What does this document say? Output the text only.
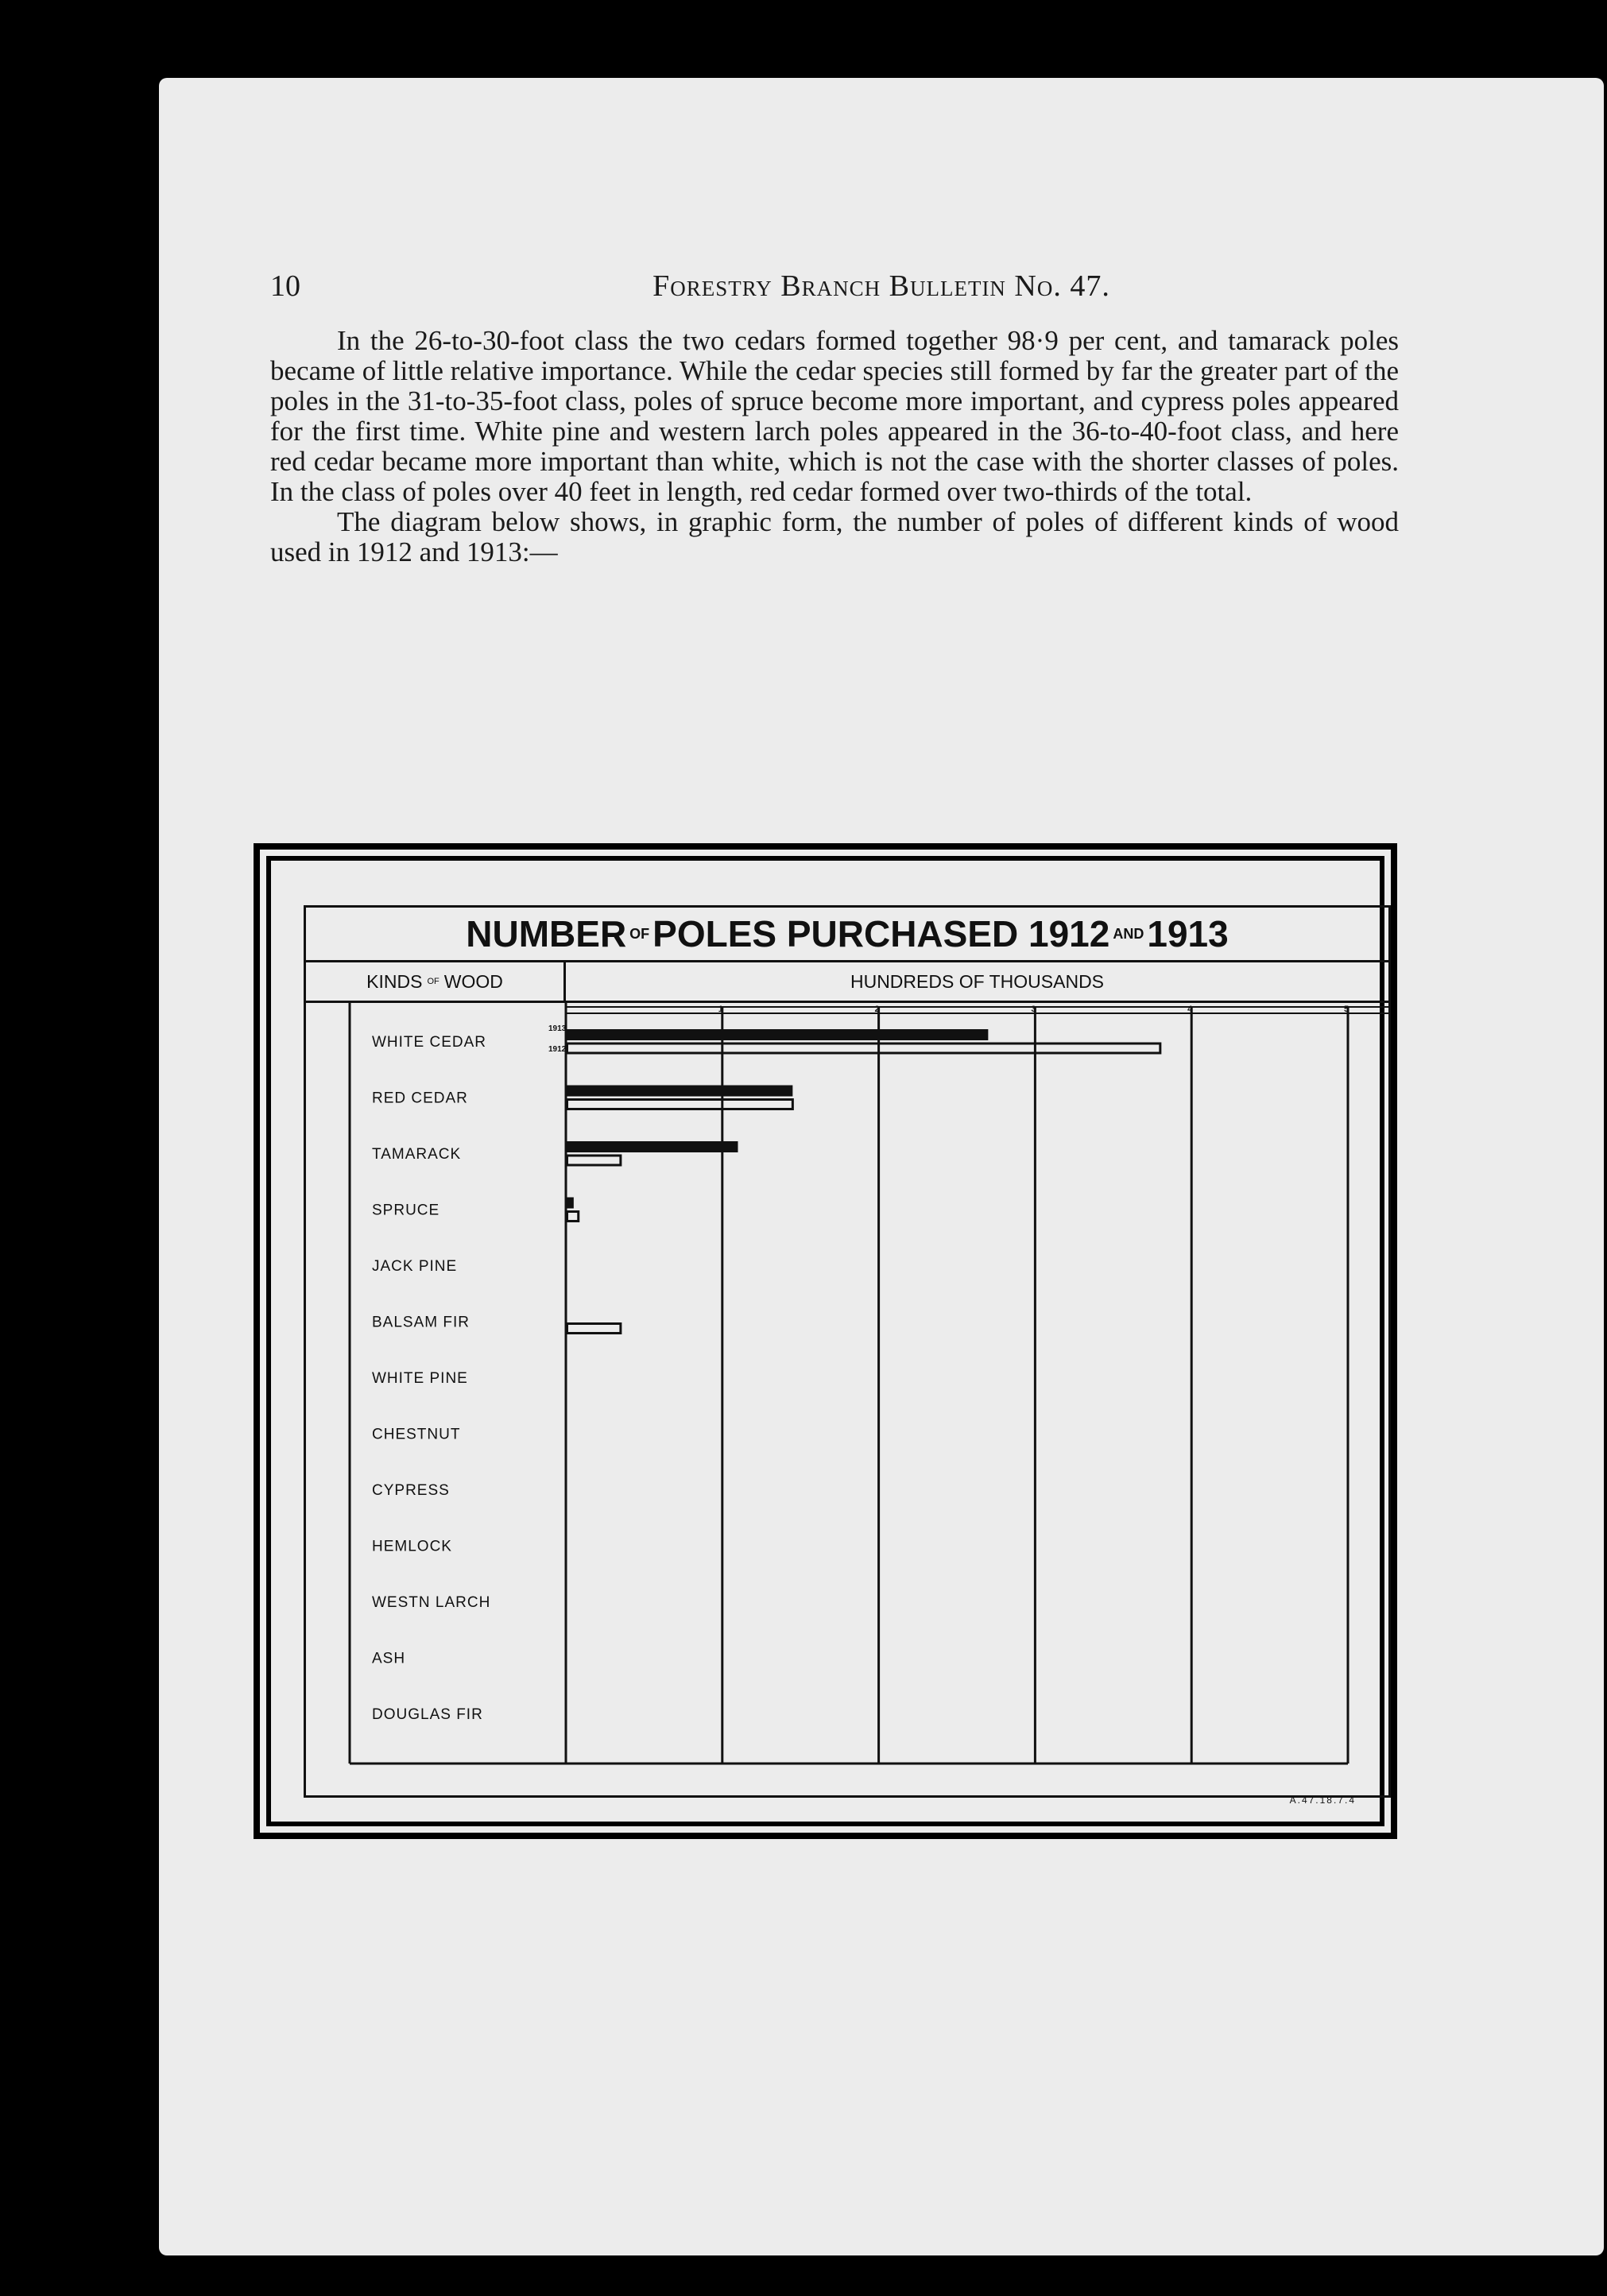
10	Forestry Branch Bulletin No. 47.

In the 26-to-30-foot class the two cedars formed together 98·9 per cent, and tamarack poles became of little relative importance. While the cedar species still formed by far the greater part of the poles in the 31-to-35-foot class, poles of spruce become more important, and cypress poles appeared for the first time. White pine and western larch poles appeared in the 36-to-40-foot class, and here red cedar became more important than white, which is not the case with the shorter classes of poles. In the class of poles over 40 feet in length, red cedar formed over two-thirds of the total.

The diagram below shows, in graphic form, the number of poles of different kinds of wood used in 1912 and 1913:—

NUMBER OF POLES PURCHASED 1912 AND 1913
KINDS OF WOOD	HUNDREDS OF THOUSANDS
1	2	3	4	5
WHITE CEDAR
RED CEDAR
TAMARACK
SPRUCE
JACK PINE
BALSAM FIR
WHITE PINE
CHESTNUT
CYPRESS
HEMLOCK
WESTN LARCH
ASH
DOUGLAS FIR
1913
1912
A.47.18.7.4
